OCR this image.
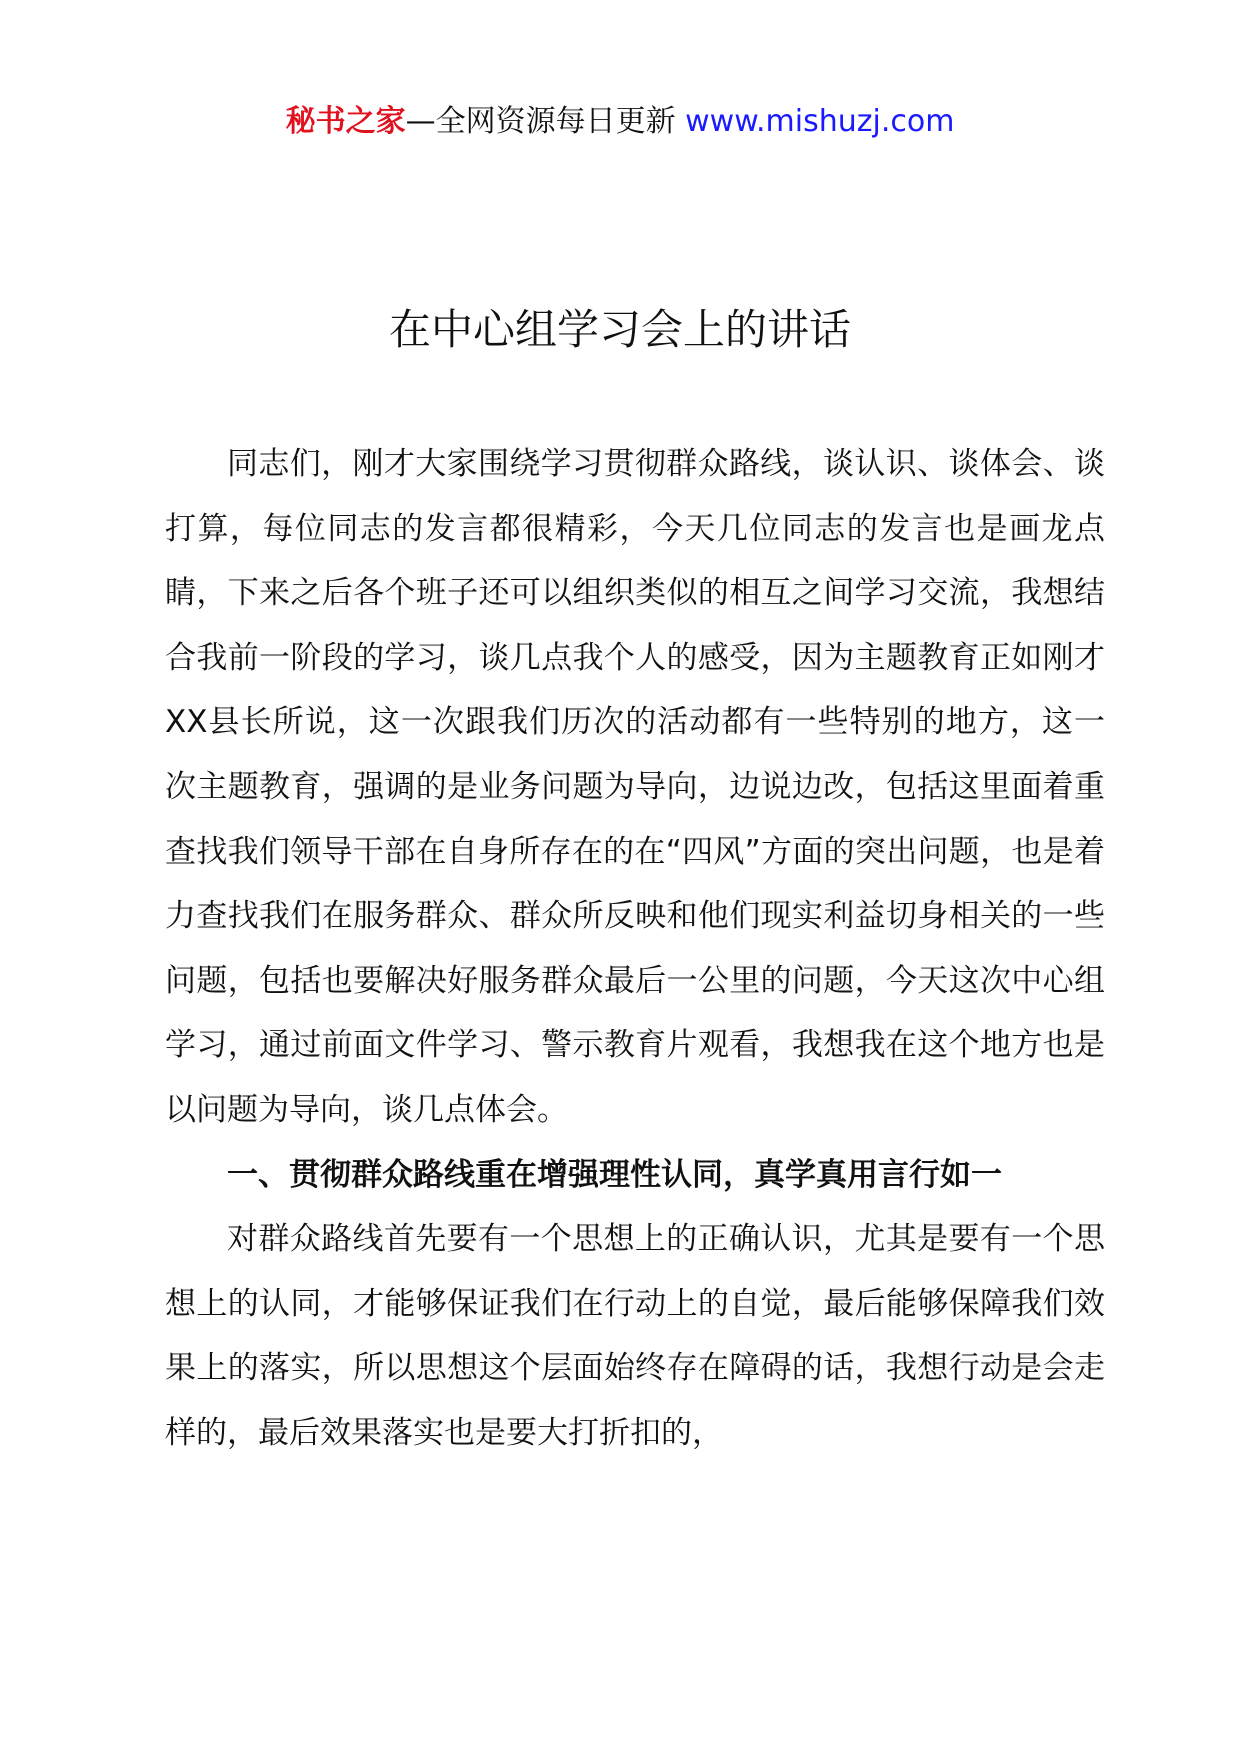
秘书之家—全网资源每日更新 www.mishuzj.com
在中心组学习会上的讲话

同志们，刚才大家围绕学习贯彻群众路线，谈认识、谈体会、谈打算，每位同志的发言都很精彩，今天几位同志的发言也是画龙点睛，下来之后各个班子还可以组织类似的相互之间学习交流，我想结合我前一阶段的学习，谈几点我个人的感受，因为主题教育正如刚才XX县长所说，这一次跟我们历次的活动都有一些特别的地方，这一次主题教育，强调的是业务问题为导向，边说边改，包括这里面着重查找我们领导干部在自身所存在的在“四风”方面的突出问题，也是着力查找我们在服务群众、群众所反映和他们现实利益切身相关的一些问题，包括也要解决好服务群众最后一公里的问题，今天这次中心组学习，通过前面文件学习、警示教育片观看，我想我在这个地方也是以问题为导向，谈几点体会。

一、贯彻群众路线重在增强理性认同，真学真用言行如一

对群众路线首先要有一个思想上的正确认识，尤其是要有一个思想上的认同，才能够保证我们在行动上的自觉，最后能够保障我们效果上的落实，所以思想这个层面始终存在障碍的话，我想行动是会走样的，最后效果落实也是要大打折扣的，
